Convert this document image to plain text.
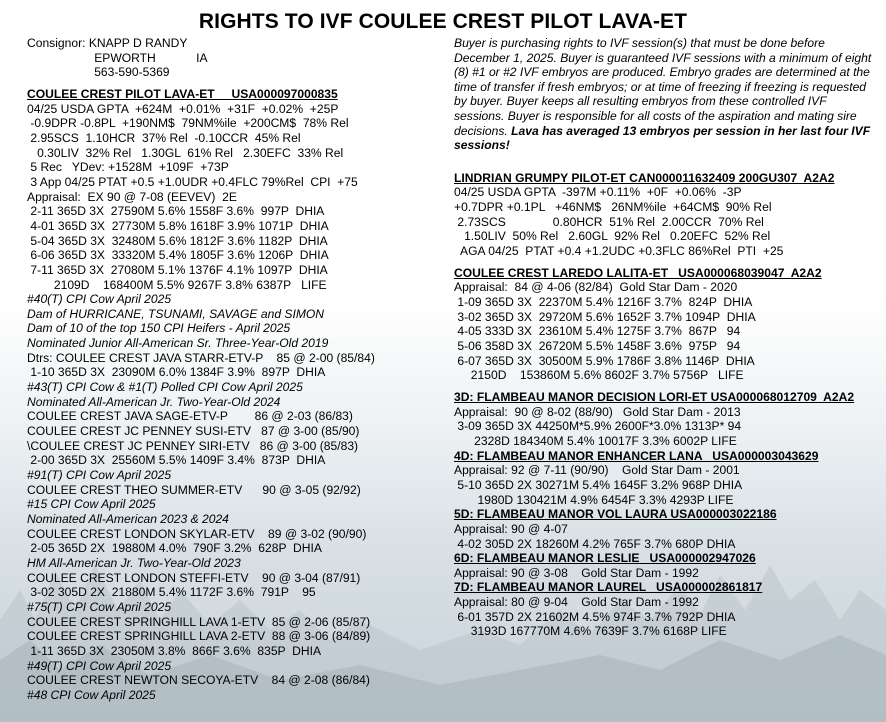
RIGHTS TO IVF COULEE CREST PILOT LAVA-ET
Consignor: KNAPP D RANDY
EPWORTH            IA
563-590-5369
COULEE CREST PILOT LAVA-ET     USA000097000835
04/25 USDA GPTA  +624M  +0.01%  +31F  +0.02%  +25P
-0.9DPR -0.8PL  +190NM$  79NM%ile  +200CM$  78% Rel
2.95SCS  1.10HCR  37% Rel  -0.10CCR  45% Rel
0.30LIV  32% Rel   1.30GL  61% Rel   2.30EFC  33% Rel
5 Rec   YDev: +1528M  +109F  +73P
3 App 04/25 PTAT +0.5 +1.0UDR +0.4FLC 79%Rel  CPI  +75
Appraisal:  EX 90 @ 7-08 (EEVEV)  2E
2-11 365D 3X  27590M 5.6% 1558F 3.6%  997P  DHIA
4-01 365D 3X  27730M 5.8% 1618F 3.9% 1071P  DHIA
5-04 365D 3X  32480M 5.6% 1812F 3.6% 1182P  DHIA
6-06 365D 3X  33320M 5.4% 1805F 3.6% 1206P  DHIA
7-11 365D 3X  27080M 5.1% 1376F 4.1% 1097P  DHIA
2109D    168400M 5.5% 9267F 3.8% 6387P   LIFE
#40(T) CPI Cow April 2025
Dam of HURRICANE, TSUNAMI, SAVAGE and SIMON
Dam of 10 of the top 150 CPI Heifers - April 2025
Nominated Junior All-American Sr. Three-Year-Old 2019
Dtrs: COULEE CREST JAVA STARR-ETV-P    85 @ 2-00 (85/84)
1-10 365D 3X  23090M 6.0% 1384F 3.9%  897P  DHIA
#43(T) CPI Cow & #1(T) Polled CPI Cow April 2025
Nominated All-American Jr. Two-Year-Old 2024
COULEE CREST JAVA SAGE-ETV-P        86 @ 2-03 (86/83)
COULEE CREST JC PENNEY SUSI-ETV   87 @ 3-00 (85/90)
\COULEE CREST JC PENNEY SIRI-ETV   86 @ 3-00 (85/83)
2-00 365D 3X  25560M 5.5% 1409F 3.4%  873P  DHIA
#91(T) CPI Cow April 2025
COULEE CREST THEO SUMMER-ETV      90 @ 3-05 (92/92)
#15 CPI Cow April 2025
Nominated All-American 2023 & 2024
COULEE CREST LONDON SKYLAR-ETV    89 @ 3-02 (90/90)
2-05 365D 2X  19880M 4.0%  790F 3.2%  628P  DHIA
HM All-American Jr. Two-Year-Old 2023
COULEE CREST LONDON STEFFI-ETV    90 @ 3-04 (87/91)
3-02 305D 2X  21880M 5.4% 1172F 3.6%  791P    95
#75(T) CPI Cow April 2025
COULEE CREST SPRINGHILL LAVA 1-ETV  85 @ 2-06 (85/87)
COULEE CREST SPRINGHILL LAVA 2-ETV  88 @ 3-06 (84/89)
1-11 365D 3X  23050M 3.8%  866F 3.6%  835P  DHIA
#49(T) CPI Cow April 2025
COULEE CREST NEWTON SECOYA-ETV    84 @ 2-08 (86/84)
#48 CPI Cow April 2025
Buyer is purchasing rights to IVF session(s) that must be done before December 1, 2025. Buyer is guaranteed IVF sessions with a minimum of eight (8) #1 or #2 IVF embryos are produced. Embryo grades are determined at the time of transfer if fresh embryos; or at time of freezing if freezing is requested by buyer. Buyer keeps all resulting embryos from these controlled IVF sessions. Buyer is responsible for all costs of the aspiration and mating sire decisions. Lava has averaged 13 embryos per session in her last four IVF sessions!
LINDRIAN GRUMPY PILOT-ET CAN000011632409 200GU307  A2A2
04/25 USDA GPTA  -397M +0.11%  +0F  +0.06%  -3P
+0.7DPR +0.1PL   +46NM$   26NM%ile  +64CM$  90% Rel
2.73SCS              0.80HCR  51% Rel  2.00CCR  70% Rel
1.50LIV  50% Rel   2.60GL  92% Rel   0.20EFC  52% Rel
AGA 04/25  PTAT +0.4 +1.2UDC +0.3FLC 86%Rel  PTI  +25
COULEE CREST LAREDO LALITA-ET   USA000068039047  A2A2
Appraisal:  84 @ 4-06 (82/84)  Gold Star Dam - 2020
1-09 365D 3X  22370M 5.4% 1216F 3.7%  824P  DHIA
3-02 365D 3X  29720M 5.6% 1652F 3.7% 1094P  DHIA
4-05 333D 3X  23610M 5.4% 1275F 3.7%  867P   94
5-06 358D 3X  26720M 5.5% 1458F 3.6%  975P   94
6-07 365D 3X  30500M 5.9% 1786F 3.8% 1146P  DHIA
2150D    153860M 5.6% 8602F 3.7% 5756P   LIFE
3D: FLAMBEAU MANOR DECISION LORI-ET USA000068012709  A2A2
Appraisal:  90 @ 8-02 (88/90)   Gold Star Dam - 2013
3-09 365D 3X 44250M*5.9% 2600F*3.0% 1313P* 94
2328D 184340M 5.4% 10017F 3.3% 6002P LIFE
4D: FLAMBEAU MANOR ENHANCER LANA   USA000003043629
Appraisal: 92 @ 7-11 (90/90)    Gold Star Dam - 2001
5-10 365D 2X 30271M 5.4% 1645F 3.2% 968P DHIA
1980D 130421M 4.9% 6454F 3.3% 4293P LIFE
5D: FLAMBEAU MANOR VOL LAURA USA000003022186
Appraisal: 90 @ 4-07
4-02 305D 2X 18260M 4.2% 765F 3.7% 680P DHIA
6D: FLAMBEAU MANOR LESLIE   USA000002947026
Appraisal: 90 @ 3-08    Gold Star Dam - 1992
7D: FLAMBEAU MANOR LAUREL   USA000002861817
Appraisal: 80 @ 9-04    Gold Star Dam - 1992
6-01 357D 2X 21602M 4.5% 974F 3.7% 792P DHIA
3193D 167770M 4.6% 7639F 3.7% 6168P LIFE
